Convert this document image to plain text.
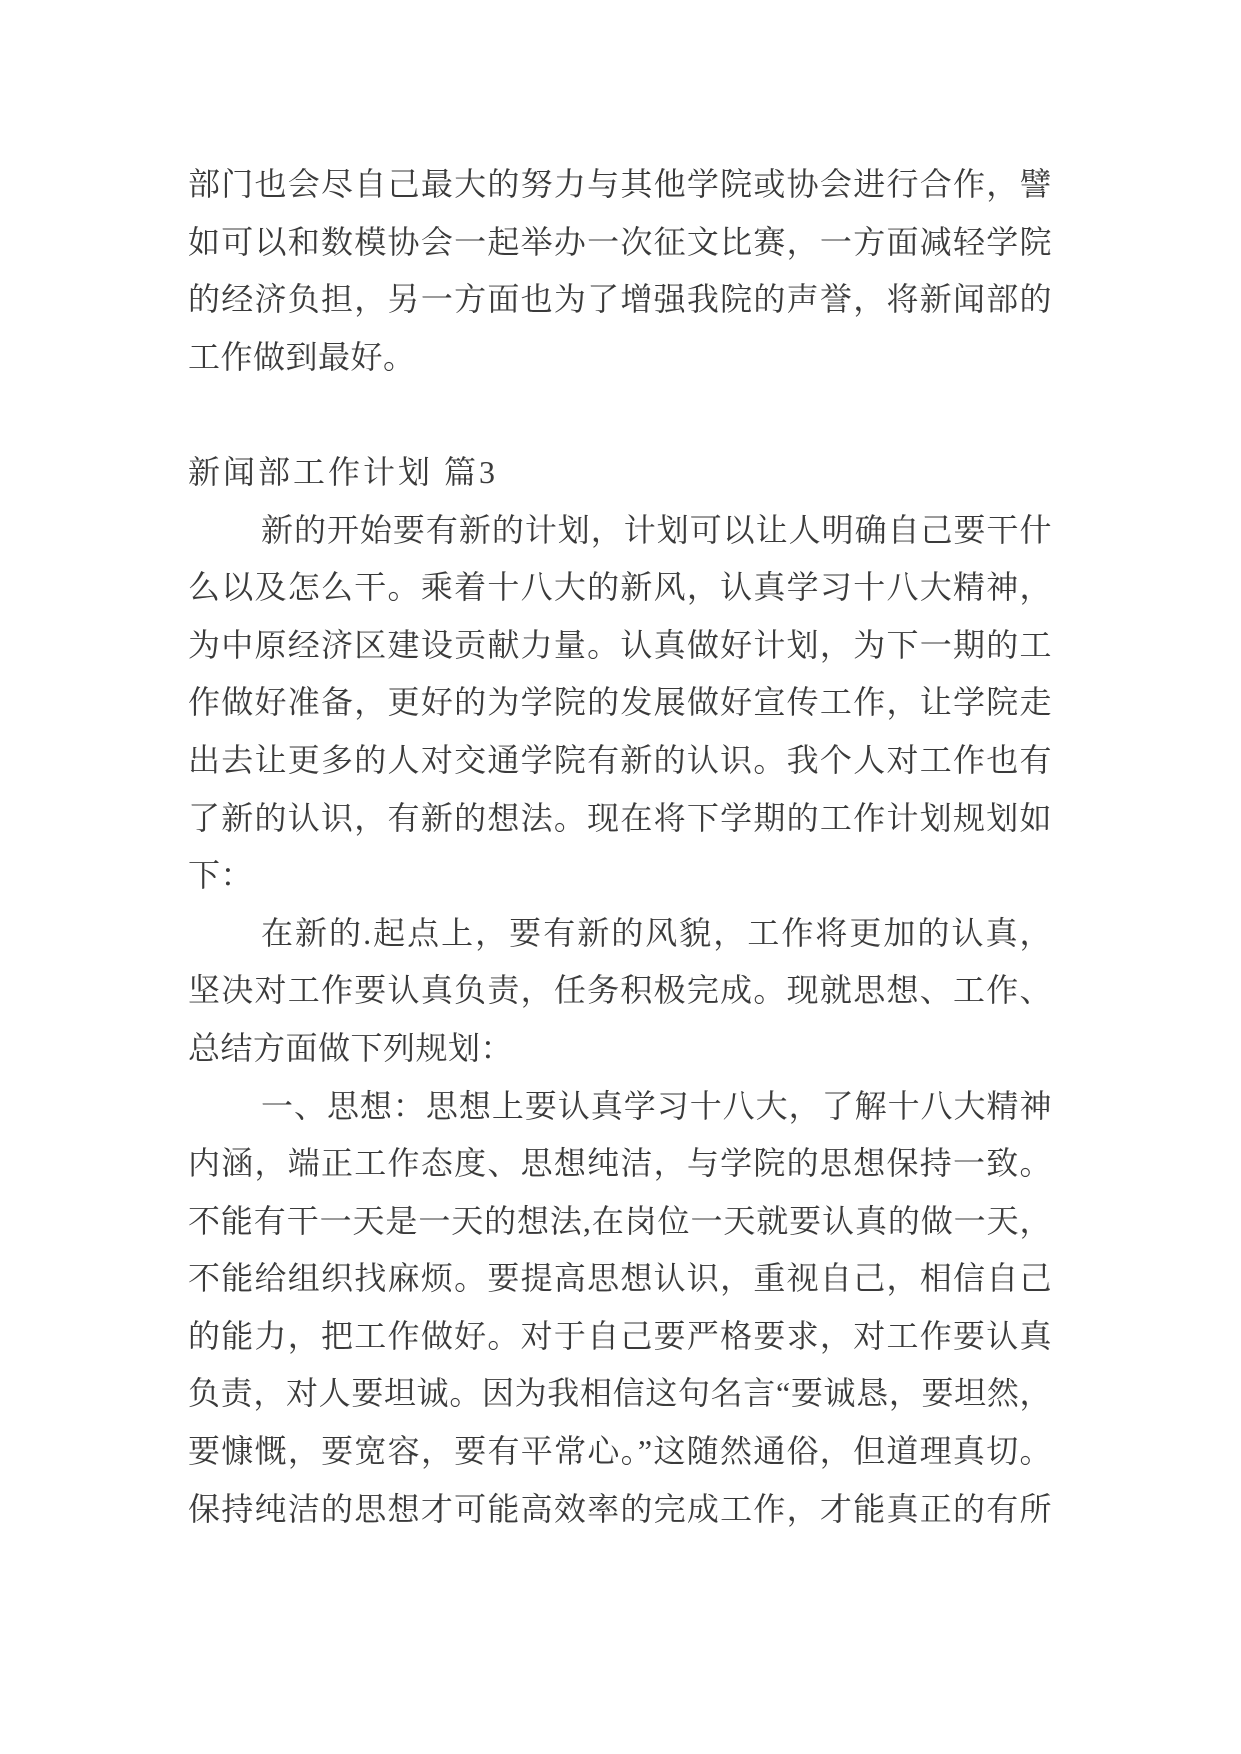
部门也会尽自己最大的努力与其他学院或协会进行合作，譬
如可以和数模协会一起举办一次征文比赛，一方面减轻学院
的经济负担，另一方面也为了增强我院的声誉，将新闻部的
工作做到最好。
新闻部工作计划 篇3
新的开始要有新的计划，计划可以让人明确自己要干什
么以及怎么干。乘着十八大的新风，认真学习十八大精神，
为中原经济区建设贡献力量。认真做好计划，为下一期的工
作做好准备，更好的为学院的发展做好宣传工作，让学院走
出去让更多的人对交通学院有新的认识。我个人对工作也有
了新的认识，有新的想法。现在将下学期的工作计划规划如
下：
在新的.起点上，要有新的风貌，工作将更加的认真，
坚决对工作要认真负责，任务积极完成。现就思想、工作、
总结方面做下列规划：
一、思想：思想上要认真学习十八大，了解十八大精神
内涵，端正工作态度、思想纯洁，与学院的思想保持一致。
不能有干一天是一天的想法,在岗位一天就要认真的做一天，
不能给组织找麻烦。要提高思想认识，重视自己，相信自己
的能力，把工作做好。对于自己要严格要求，对工作要认真
负责，对人要坦诚。因为我相信这句名言“要诚恳，要坦然，
要慷慨，要宽容，要有平常心。”这随然通俗，但道理真切。
保持纯洁的思想才可能高效率的完成工作，才能真正的有所
